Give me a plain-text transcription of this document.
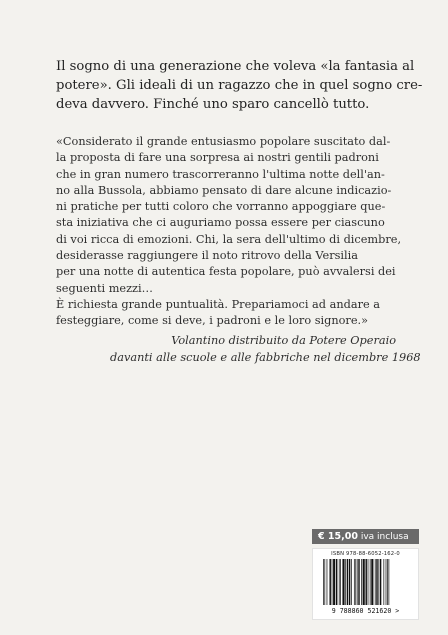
Il sogno di una generazione che voleva «la fantasia al
potere». Gli ideali di un ragazzo che in quel sogno cre-
deva davvero. Finché uno sparo cancellò tutto.

«Considerato il grande entusiasmo popolare suscitato dal-
la proposta di fare una sorpresa ai nostri gentili padroni
che in gran numero trascorreranno l'ultima notte dell'an-
no alla Bussola, abbiamo pensato di dare alcune indicazio-
ni pratiche per tutti coloro che vorranno appoggiare que-
sta iniziativa che ci auguriamo possa essere per ciascuno
di voi ricca di emozioni. Chi, la sera dell'ultimo di dicembre,
desiderasse raggiungere il noto ritrovo della Versilia
per una notte di autentica festa popolare, può avvalersi dei
seguenti mezzi…
È richiesta grande puntualità. Prepariamoci ad andare a
festeggiare, come si deve, i padroni e le loro signore.»

Volantino distribuito da Potere Operaio
davanti alle scuole e alle fabbriche nel dicembre 1968

€ 15,00 iva inclusa
ISBN 978-88-6052-162-0
9 788860 521620 >
